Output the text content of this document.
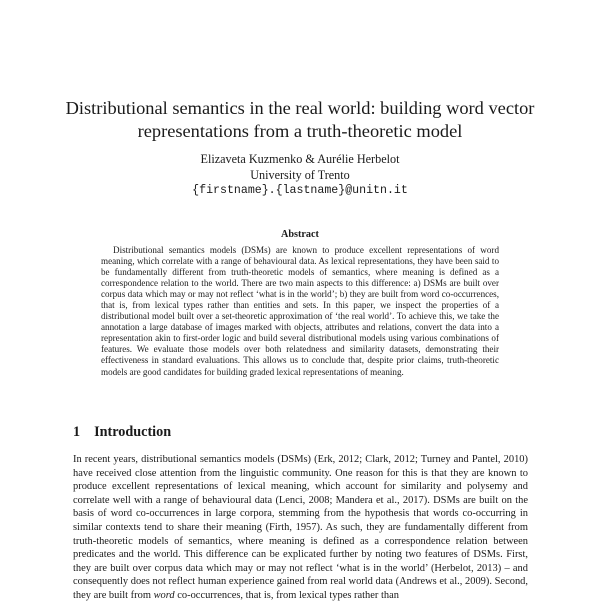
Distributional semantics in the real world: building word vector representations from a truth-theoretic model
Elizaveta Kuzmenko & Aurélie Herbelot
University of Trento
{firstname}.{lastname}@unitn.it
Abstract
Distributional semantics models (DSMs) are known to produce excellent representations of word meaning, which correlate with a range of behavioural data. As lexical representations, they have been said to be fundamentally different from truth-theoretic models of semantics, where meaning is defined as a correspondence relation to the world. There are two main aspects to this difference: a) DSMs are built over corpus data which may or may not reflect ‘what is in the world’; b) they are built from word co-occurrences, that is, from lexical types rather than entities and sets. In this paper, we inspect the properties of a distributional model built over a set-theoretic approximation of ‘the real world’. To achieve this, we take the annotation a large database of images marked with objects, attributes and relations, convert the data into a representation akin to first-order logic and build several distributional models using various combinations of features. We evaluate those models over both relatedness and similarity datasets, demonstrating their effectiveness in standard evaluations. This allows us to conclude that, despite prior claims, truth-theoretic models are good candidates for building graded lexical representations of meaning.
1 Introduction

In recent years, distributional semantics models (DSMs) (Erk, 2012; Clark, 2012; Turney and Pantel, 2010) have received close attention from the linguistic community. One reason for this is that they are known to produce excellent representations of lexical meaning, which account for similarity and polysemy and correlate well with a range of behavioural data (Lenci, 2008; Mandera et al., 2017). DSMs are built on the basis of word co-occurrences in large corpora, stemming from the hypothesis that words co-occurring in similar contexts tend to share their meaning (Firth, 1957). As such, they are fundamentally different from truth-theoretic models of semantics, where meaning is defined as a correspondence relation between predicates and the world. This difference can be explicated further by noting two features of DSMs. First, they are built over corpus data which may or may not reflect ‘what is in the world’ (Herbelot, 2013) – and consequently does not reflect human experience gained from real world data (Andrews et al., 2009). Second, they are built from word co-occurrences, that is, from lexical types rather than
